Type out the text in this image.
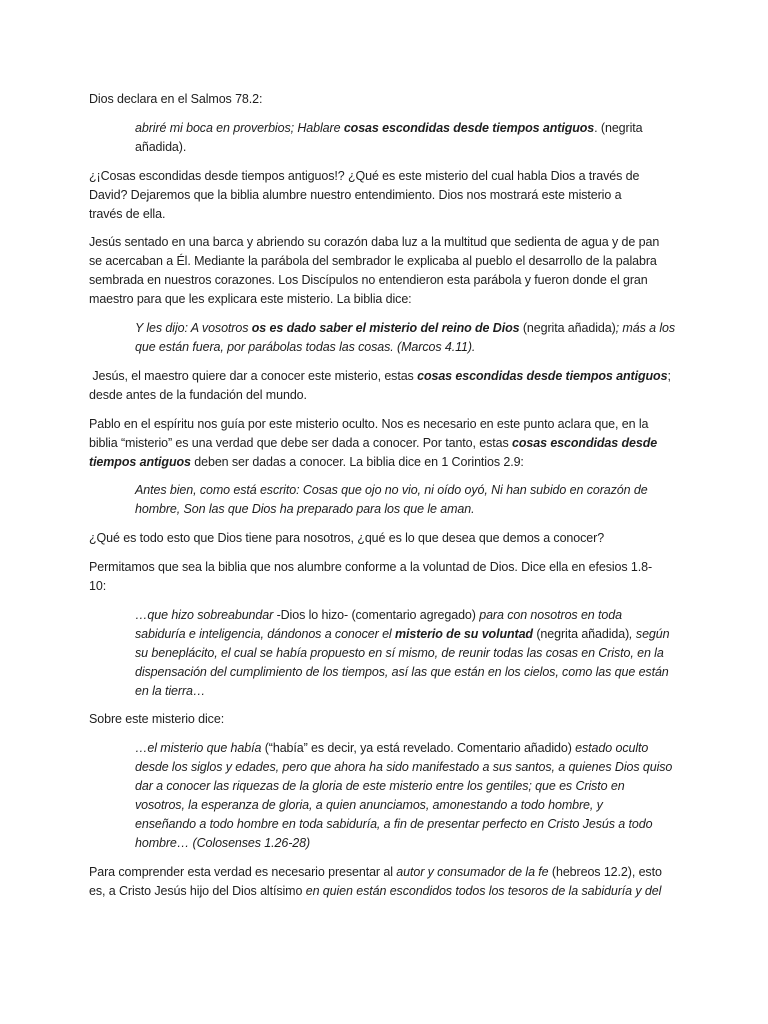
Dios declara en el Salmos 78.2:
abriré mi boca en proverbios; Hablare cosas escondidas desde tiempos antiguos. (negrita
añadida).
¿¡Cosas escondidas desde tiempos antiguos!? ¿Qué es este misterio del cual habla Dios a través de
David? Dejaremos que la biblia alumbre nuestro entendimiento. Dios nos mostrará este misterio a
través de ella.
Jesús sentado en una barca y abriendo su corazón daba luz a la multitud que sedienta de agua y de pan
se acercaban a Él. Mediante la parábola del sembrador le explicaba al pueblo el desarrollo de la palabra
sembrada en nuestros corazones. Los Discípulos no entendieron esta parábola y fueron donde el gran
maestro para que les explicara este misterio. La biblia dice:
Y les dijo: A vosotros os es dado saber el misterio del reino de Dios (negrita añadida); más a los
que están fuera, por parábolas todas las cosas. (Marcos 4.11).
Jesús, el maestro quiere dar a conocer este misterio, estas cosas escondidas desde tiempos antiguos;
desde antes de la fundación del mundo.
Pablo en el espíritu nos guía por este misterio oculto. Nos es necesario en este punto aclara que, en la
biblia “misterio” es una verdad que debe ser dada a conocer. Por tanto, estas cosas escondidas desde
tiempos antiguos deben ser dadas a conocer. La biblia dice en 1 Corintios 2.9:
Antes bien, como está escrito: Cosas que ojo no vio, ni oído oyó, Ni han subido en corazón de
hombre, Son las que Dios ha preparado para los que le aman.
¿Qué es todo esto que Dios tiene para nosotros, ¿qué es lo que desea que demos a conocer?
Permitamos que sea la biblia que nos alumbre conforme a la voluntad de Dios. Dice ella en efesios 1.8-
10:
…que hizo sobreabundar -Dios lo hizo- (comentario agregado) para con nosotros en toda
sabiduría e inteligencia, dándonos a conocer el misterio de su voluntad (negrita añadida), según
su beneplácito, el cual se había propuesto en sí mismo, de reunir todas las cosas en Cristo, en la
dispensación del cumplimiento de los tiempos, así las que están en los cielos, como las que están
en la tierra…
Sobre este misterio dice:
…el misterio que había (“había” es decir, ya está revelado. Comentario añadido) estado oculto
desde los siglos y edades, pero que ahora ha sido manifestado a sus santos, a quienes Dios quiso
dar a conocer las riquezas de la gloria de este misterio entre los gentiles; que es Cristo en
vosotros, la esperanza de gloria, a quien anunciamos, amonestando a todo hombre, y
enseñando a todo hombre en toda sabiduría, a fin de presentar perfecto en Cristo Jesús a todo
hombre… (Colosenses 1.26-28)
Para comprender esta verdad es necesario presentar al autor y consumador de la fe (hebreos 12.2), esto
es, a Cristo Jesús hijo del Dios altísimo en quien están escondidos todos los tesoros de la sabiduría y del
